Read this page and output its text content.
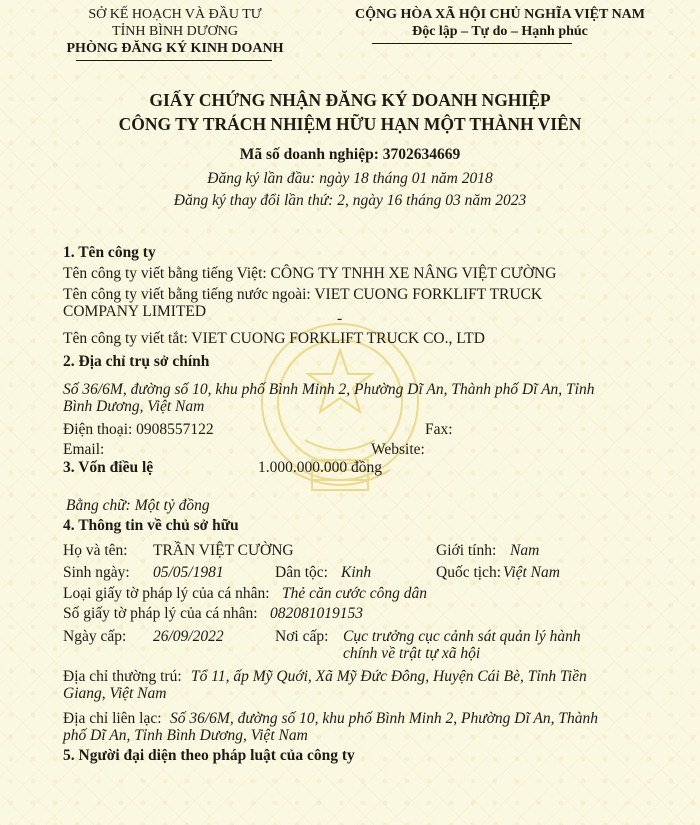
SỞ KẾ HOẠCH VÀ ĐẦU TƯ
TỈNH BÌNH DƯƠNG
PHÒNG ĐĂNG KÝ KINH DOANH
CỘNG HÒA XÃ HỘI CHỦ NGHĨA VIỆT NAM
Độc lập – Tự do – Hạnh phúc
GIẤY CHỨNG NHẬN ĐĂNG KÝ DOANH NGHIỆP
CÔNG TY TRÁCH NHIỆM HỮU HẠN MỘT THÀNH VIÊN
Mã số doanh nghiệp: 3702634669
Đăng ký lần đầu: ngày 18 tháng 01 năm 2018
Đăng ký thay đổi lần thứ: 2, ngày 16 tháng 03 năm 2023
1. Tên công ty
Tên công ty viết bằng tiếng Việt: CÔNG TY TNHH XE NÂNG VIỆT CƯỜNG
Tên công ty viết bằng tiếng nước ngoài: VIET CUONG FORKLIFT TRUCK
COMPANY LIMITED	-
Tên công ty viết tắt: VIET CUONG FORKLIFT TRUCK CO., LTD
2. Địa chỉ trụ sở chính
Số 36/6M, đường số 10, khu phố Bình Minh 2, Phường Dĩ An, Thành phố Dĩ An, Tỉnh
Bình Dương, Việt Nam
Điện thoại: 0908557122	Fax:
Email:	Website:
3. Vốn điều lệ	1.000.000.000 đồng
Bằng chữ: Một tỷ đồng
4. Thông tin về chủ sở hữu
Họ và tên: TRẦN VIỆT CƯỜNG	Giới tính: Nam
Sinh ngày: 05/05/1981	Dân tộc: Kinh	Quốc tịch: Việt Nam
Loại giấy tờ pháp lý của cá nhân: Thẻ căn cước công dân
Số giấy tờ pháp lý của cá nhân: 082081019153
Ngày cấp: 26/09/2022	Nơi cấp: Cục trưởng cục cảnh sát quản lý hành
chính về trật tự xã hội
Địa chỉ thường trú: Tổ 11, ấp Mỹ Quới, Xã Mỹ Đức Đông, Huyện Cái Bè, Tỉnh Tiền
Giang, Việt Nam
Địa chỉ liên lạc: Số 36/6M, đường số 10, khu phố Bình Minh 2, Phường Dĩ An, Thành
phố Dĩ An, Tỉnh Bình Dương, Việt Nam
5. Người đại diện theo pháp luật của công ty
